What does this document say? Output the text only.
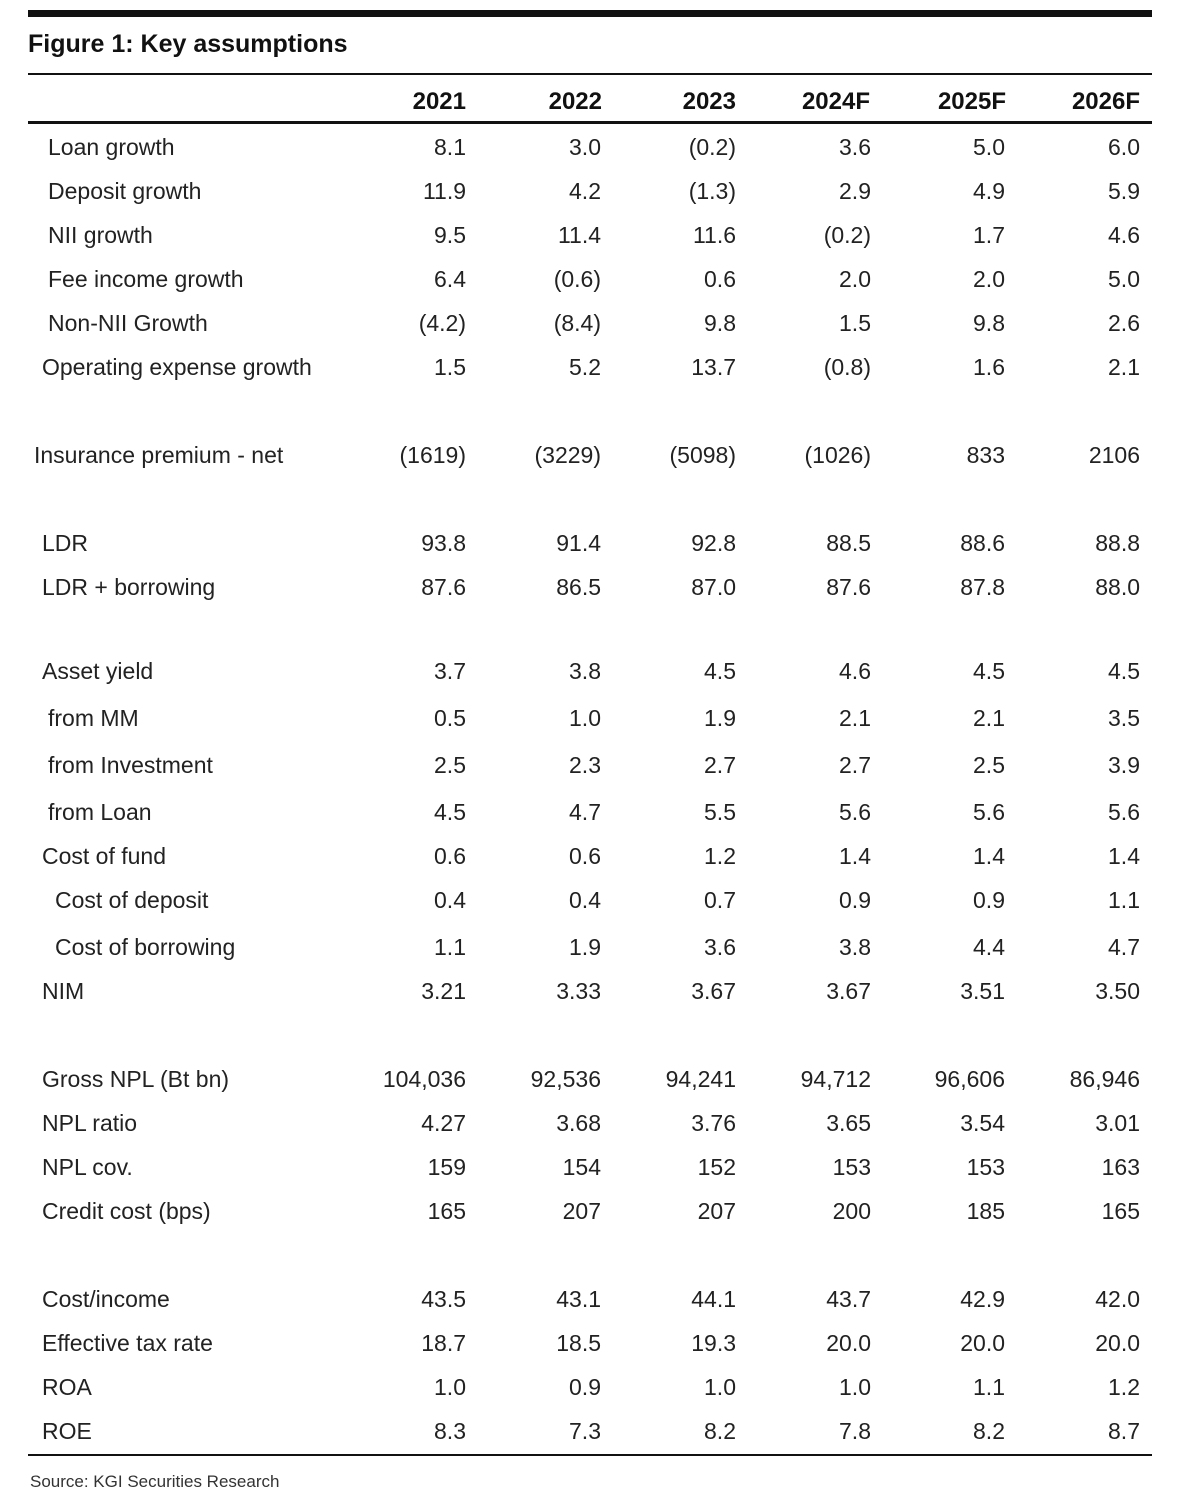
Figure 1: Key assumptions
2021	2022	2023	2024F	2025F	2026F
Loan growth	8.1	3.0	(0.2)	3.6	5.0	6.0
Deposit growth	11.9	4.2	(1.3)	2.9	4.9	5.9
NII growth	9.5	11.4	11.6	(0.2)	1.7	4.6
Fee income growth	6.4	(0.6)	0.6	2.0	2.0	5.0
Non-NII Growth	(4.2)	(8.4)	9.8	1.5	9.8	2.6
Operating expense growth	1.5	5.2	13.7	(0.8)	1.6	2.1
Insurance premium - net	(1619)	(3229)	(5098)	(1026)	833	2106
LDR	93.8	91.4	92.8	88.5	88.6	88.8
LDR + borrowing	87.6	86.5	87.0	87.6	87.8	88.0
Asset yield	3.7	3.8	4.5	4.6	4.5	4.5
from MM	0.5	1.0	1.9	2.1	2.1	3.5
from Investment	2.5	2.3	2.7	2.7	2.5	3.9
from Loan	4.5	4.7	5.5	5.6	5.6	5.6
Cost of fund	0.6	0.6	1.2	1.4	1.4	1.4
Cost of deposit	0.4	0.4	0.7	0.9	0.9	1.1
Cost of borrowing	1.1	1.9	3.6	3.8	4.4	4.7
NIM	3.21	3.33	3.67	3.67	3.51	3.50
Gross NPL (Bt bn)	104,036	92,536	94,241	94,712	96,606	86,946
NPL ratio	4.27	3.68	3.76	3.65	3.54	3.01
NPL cov.	159	154	152	153	153	163
Credit cost (bps)	165	207	207	200	185	165
Cost/income	43.5	43.1	44.1	43.7	42.9	42.0
Effective tax rate	18.7	18.5	19.3	20.0	20.0	20.0
ROA	1.0	0.9	1.0	1.0	1.1	1.2
ROE	8.3	7.3	8.2	7.8	8.2	8.7
Source: KGI Securities Research
